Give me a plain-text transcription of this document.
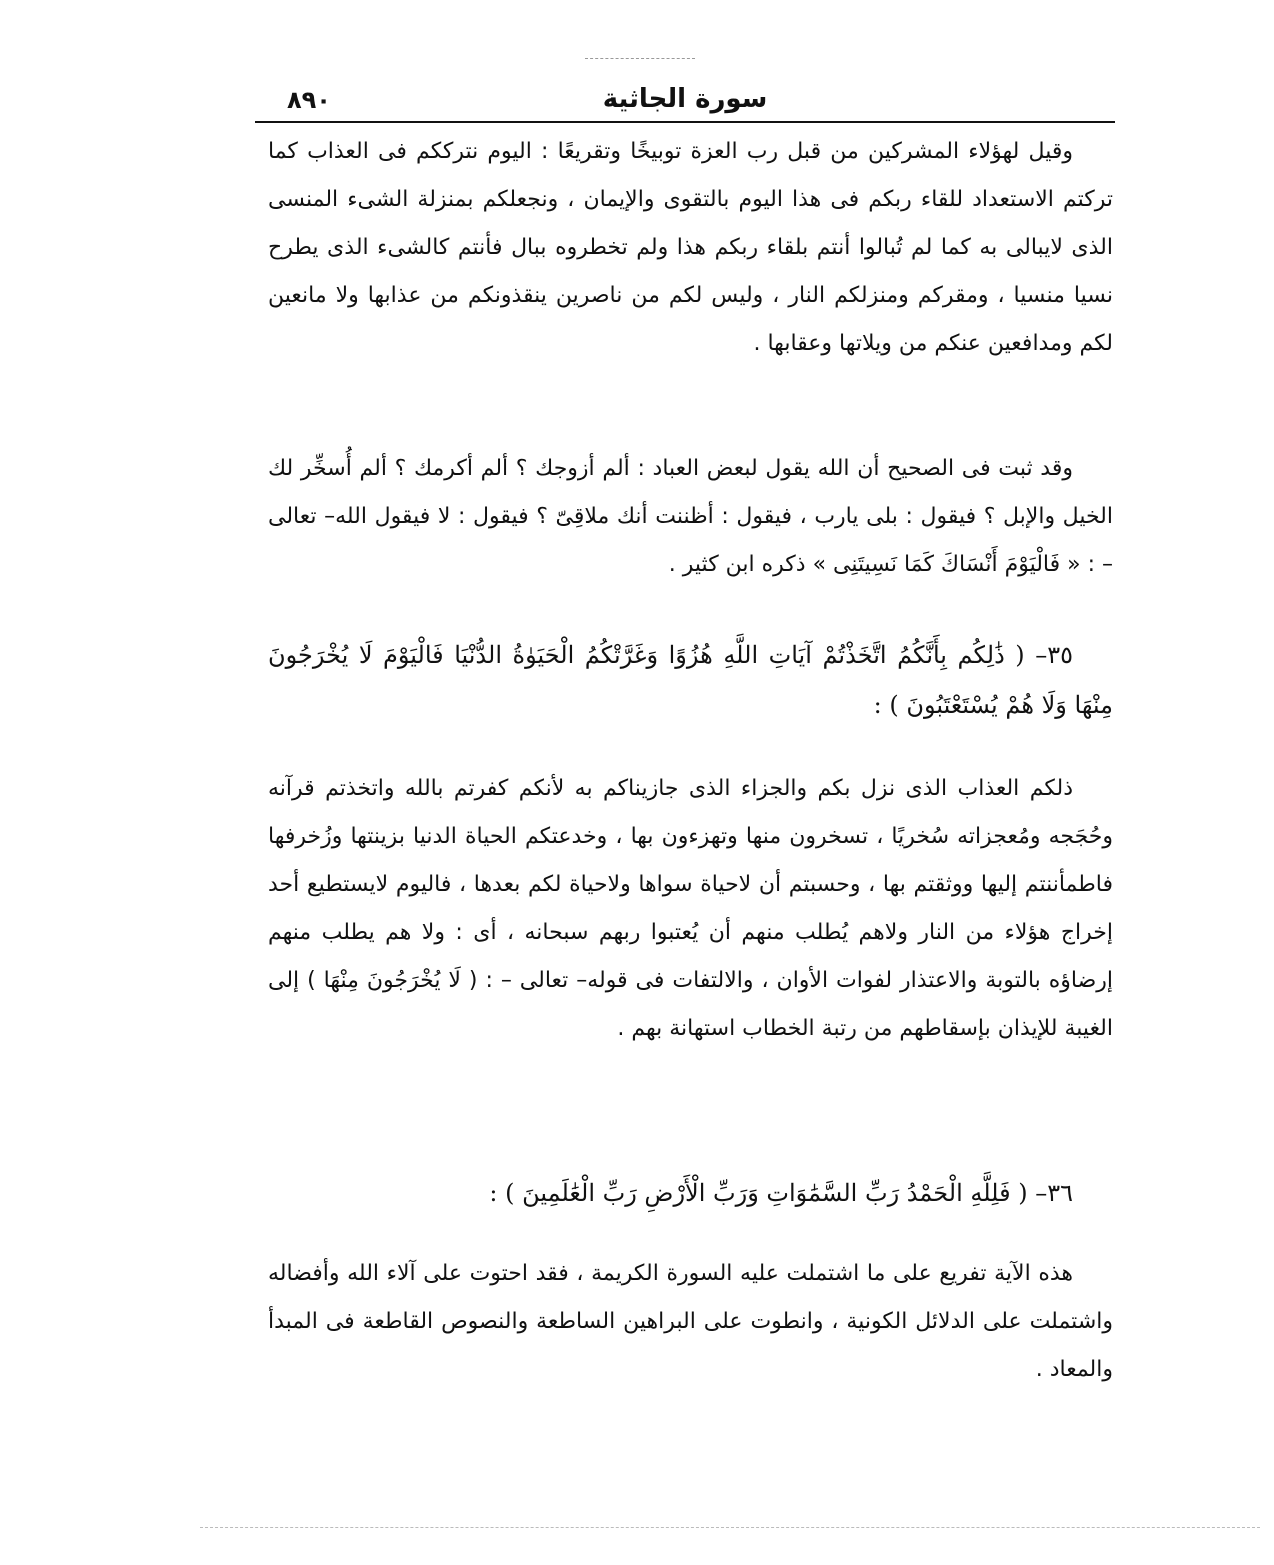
٨٩٠	سورة الجاثية

وقيل لهؤلاء المشركين من قبل رب العزة توبيخًا وتقريعًا : اليوم نترككم فى العذاب كما تركتم الاستعداد للقاء ربكم فى هذا اليوم بالتقوى والإيمان ، ونجعلكم بمنزلة الشىء المنسى الذى لايبالى به كما لم تُبالوا أنتم بلقاء ربكم هذا ولم تخطروه ببال فأنتم كالشىء الذى يطرح نسيا منسيا ، ومقركم ومنزلكم النار ، وليس لكم من ناصرين ينقذونكم من عذابها ولا مانعين لكم ومدافعين عنكم من ويلاتها وعقابها .

وقد ثبت فى الصحيح أن الله يقول لبعض العباد : ألم أزوجك ؟ ألم أكرمك ؟ ألم أُسخِّر لك الخيل والإبل ؟ فيقول : بلى يارب ، فيقول : أظننت أنك ملاقِىّ ؟ فيقول : لا فيقول الله– تعالى – : « فَالْيَوْمَ أَنْسَاكَ كَمَا نَسِيتَنِى » ذكره ابن كثير .

٣٥– ( ذَٰلِكُم بِأَنَّكُمُ اتَّخَذْتُمْ آيَاتِ اللَّهِ هُزُوًا وَغَرَّتْكُمُ الْحَيَوٰةُ الدُّنْيَا فَالْيَوْمَ لَا يُخْرَجُونَ مِنْهَا وَلَا هُمْ يُسْتَعْتَبُونَ ) :

ذلكم العذاب الذى نزل بكم والجزاء الذى جازيناكم به لأنكم كفرتم بالله واتخذتم قرآنه وحُجَجه ومُعجزاته سُخريًا ، تسخرون منها وتهزءون بها ، وخدعتكم الحياة الدنيا بزينتها وزُخرفها فاطمأننتم إليها ووثقتم بها ، وحسبتم أن لاحياة سواها ولاحياة لكم بعدها ، فاليوم لايستطيع أحد إخراج هؤلاء من النار ولاهم يُطلب منهم أن يُعتبوا ربهم سبحانه ، أى : ولا هم يطلب منهم إرضاؤه بالتوبة والاعتذار لفوات الأوان ، والالتفات فى قوله– تعالى – : ( لَا يُخْرَجُونَ مِنْهَا ) إلى الغيبة للإيذان بإسقاطهم من رتبة الخطاب استهانة بهم .

٣٦– ( فَلِلَّهِ الْحَمْدُ رَبِّ السَّمَٰوَاتِ وَرَبِّ الْأَرْضِ رَبِّ الْعَٰلَمِينَ ) :

هذه الآية تفريع على ما اشتملت عليه السورة الكريمة ، فقد احتوت على آلاء الله وأفضاله واشتملت على الدلائل الكونية ، وانطوت على البراهين الساطعة والنصوص القاطعة فى المبدأ والمعاد .
